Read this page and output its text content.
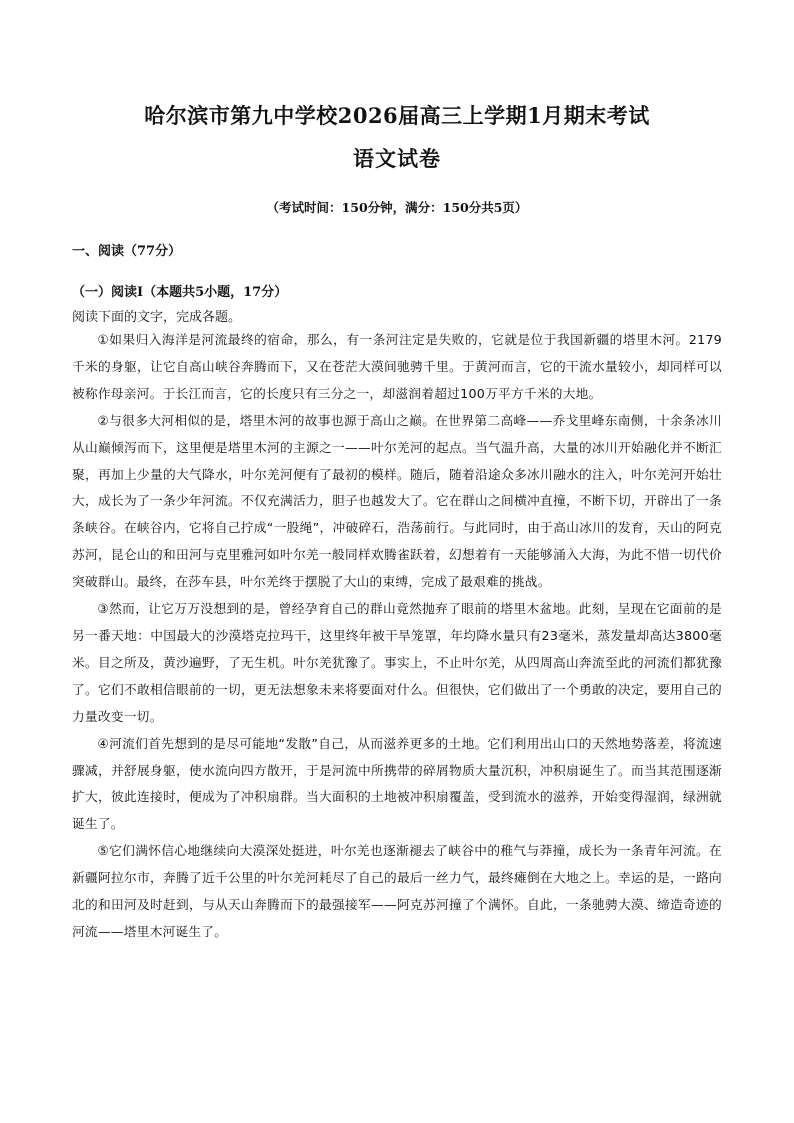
哈尔滨市第九中学校2026届高三上学期1月期末考试
语文试卷
（考试时间：150分钟，满分：150分共5页）
一、阅读（77分）
（一）阅读Ⅰ（本题共5小题，17分）
阅读下面的文字，完成各题。

①如果归入海洋是河流最终的宿命，那么，有一条河注定是失败的，它就是位于我国新疆的塔里木河。2179千米的身躯，让它自高山峡谷奔腾而下，又在苍茫大漠间驰骋千里。于黄河而言，它的干流水量较小，却同样可以被称作母亲河。于长江而言，它的长度只有三分之一，却滋润着超过100万平方千米的大地。

②与很多大河相似的是，塔里木河的故事也源于高山之巅。在世界第二高峰——乔戈里峰东南侧，十余条冰川从山巅倾泻而下，这里便是塔里木河的主源之一——叶尔羌河的起点。当气温升高，大量的冰川开始融化并不断汇聚，再加上少量的大气降水，叶尔羌河便有了最初的模样。随后，随着沿途众多冰川融水的注入，叶尔羌河开始壮大，成长为了一条少年河流。不仅充满活力，胆子也越发大了。它在群山之间横冲直撞，不断下切，开辟出了一条条峡谷。在峡谷内，它将自己拧成“一股绳”，冲破碎石，浩荡前行。与此同时，由于高山冰川的发育，天山的阿克苏河，昆仑山的和田河与克里雅河如叶尔羌一般同样欢腾雀跃着，幻想着有一天能够涌入大海，为此不惜一切代价突破群山。最终，在莎车县，叶尔羌终于摆脱了大山的束缚，完成了最艰难的挑战。

③然而，让它万万没想到的是，曾经孕育自己的群山竟然抛弃了眼前的塔里木盆地。此刻，呈现在它面前的是另一番天地：中国最大的沙漠塔克拉玛干，这里终年被干旱笼罩，年均降水量只有23毫米，蒸发量却高达3800毫米。目之所及，黄沙遍野，了无生机。叶尔羌犹豫了。事实上，不止叶尔羌，从四周高山奔流至此的河流们都犹豫了。它们不敢相信眼前的一切，更无法想象未来将要面对什么。但很快，它们做出了一个勇敢的决定，要用自己的力量改变一切。

④河流们首先想到的是尽可能地“发散”自己，从而滋养更多的土地。它们利用出山口的天然地势落差，将流速骤减，并舒展身躯，使水流向四方散开，于是河流中所携带的碎屑物质大量沉积，冲积扇诞生了。而当其范围逐渐扩大，彼此连接时，便成为了冲积扇群。当大面积的土地被冲积扇覆盖，受到流水的滋养，开始变得湿润，绿洲就诞生了。

⑤它们满怀信心地继续向大漠深处挺进，叶尔羌也逐渐褪去了峡谷中的稚气与莽撞，成长为一条青年河流。在新疆阿拉尔市，奔腾了近千公里的叶尔羌河耗尽了自己的最后一丝力气，最终瘫倒在大地之上。幸运的是，一路向北的和田河及时赶到，与从天山奔腾而下的最强接军——阿克苏河撞了个满怀。自此，一条驰骋大漠、缔造奇迹的河流——塔里木河诞生了。
